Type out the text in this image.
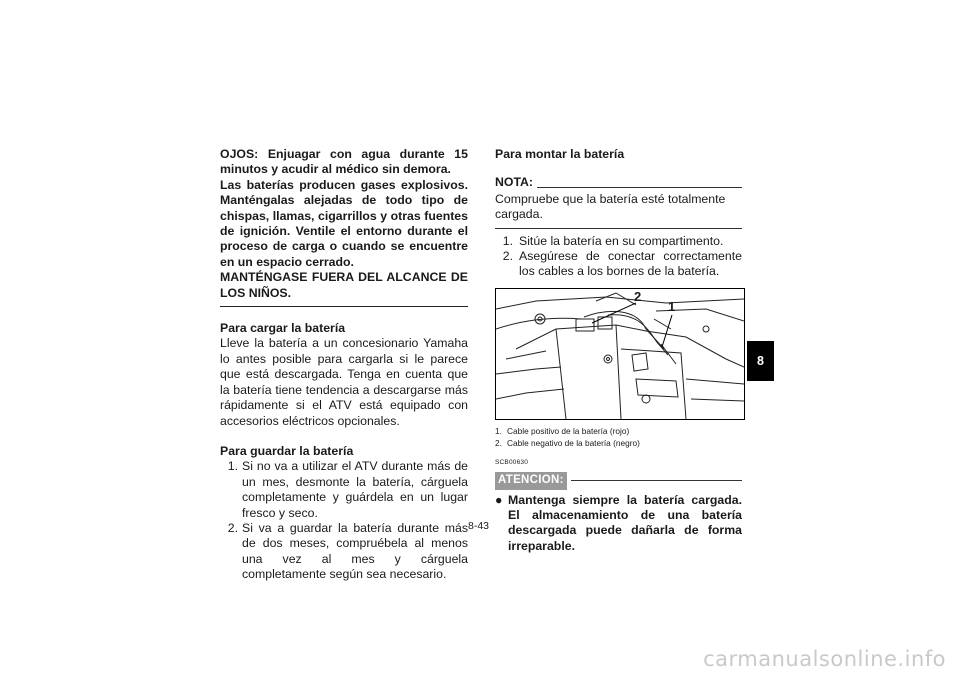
OJOS: Enjuagar con agua durante 15 minutos y acudir al médico sin demora.
Las baterías producen gases explosivos. Manténgalas alejadas de todo tipo de chispas, llamas, cigarrillos y otras fuentes de ignición. Ventile el entorno durante el proceso de carga o cuando se encuentre en un espacio cerrado.
MANTÉNGASE FUERA DEL ALCANCE DE LOS NIÑOS.
Para cargar la batería
Lleve la batería a un concesionario Yamaha lo antes posible para cargarla si le parece que está descargada. Tenga en cuenta que la batería tiene tendencia a descargarse más rápidamente si el ATV está equipado con accesorios eléctricos opcionales.
Para guardar la batería
1. Si no va a utilizar el ATV durante más de un mes, desmonte la batería, cárguela completamente y guárdela en un lugar fresco y seco.
2. Si va a guardar la batería durante más de dos meses, compruébela al menos una vez al mes y cárguela completamente según sea necesario.
Para montar la batería
NOTA:
Compruebe que la batería esté totalmente cargada.
1. Sitúe la batería en su compartimento.
2. Asegúrese de conectar correctamente los cables a los bornes de la batería.
2
1
1. Cable positivo de la batería (rojo)
2. Cable negativo de la batería (negro)
SCB00630
ATENCION:
● Mantenga siempre la batería cargada. El almacenamiento de una batería descargada puede dañarla de forma irreparable.
8-43
8
carmanualsonline.info
